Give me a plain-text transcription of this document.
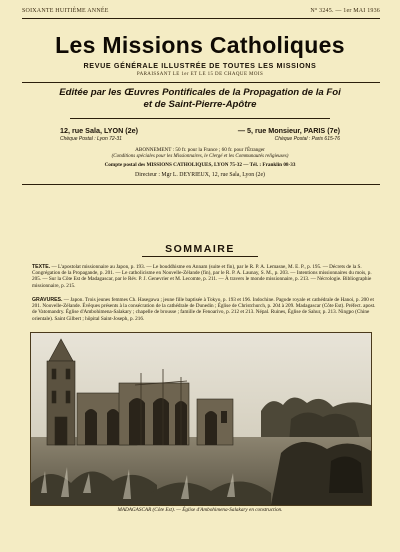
SOIXANTE HUITIÈME ANNÉE	N° 3245. — 1er MAI 1936
Les Missions Catholiques
REVUE GÉNÉRALE ILLUSTRÉE DE TOUTES LES MISSIONS
PARAISSANT LE 1er ET LE 15 DE CHAQUE MOIS
Editée par les Œuvres Pontificales de la Propagation de la Foi
et de Saint-Pierre-Apôtre
12, rue Sala, LYON (2e)	— 5, rue Monsieur, PARIS (7e)
Chèque Postal : Lyon 72-31	Chèque Postal : Paris 615-76
ABONNEMENT : 50 fr. pour la France ; 60 fr. pour l'Étranger
(Conditions spéciales pour les Missionnaires, le Clergé et les Communautés religieuses)
Compte postal des MISSIONS CATHOLIQUES, LYON 75-32 — Tél. : Franklin 08-33
Directeur : Mgr L. DEYRIEUX, 12, rue Sala, Lyon (2e)
SOMMAIRE
TEXTE. — L'apostolat missionnaire au Japon, p. 193. — Le bouddhisme en Annam (suite et fin), par le R. P. A. Lemasne, M. E. P., p. 195. — Décrets de la S. Congrégation de la Propagande, p. 201. — Le catholicisme en Nouvelle-Zélande (fin), par le R. P. A. Launay, S. M., p. 203. — Intentions missionnaires du mois, p. 205. — Sur la Côte Est de Madagascar, par le Rév. P. J. Genevrier et M. Lecomte, p. 211. — À travers le monde missionnaire, p. 213. — Nécrologie. Bibliographie missionnaire, p. 215.
GRAVURES. — Japon. Trois jeunes femmes Ch. Hasegawa ; jeune fille baptisée à Tokyo, p. 193 et 196. Indochine. Pagode royale et cathédrale de Hanoi, p. 200 et 201. Nouvelle-Zélande. Évêques présents à la consécration de la cathédrale de Dunedin ; Église de Christchurch, p. 204 à 209. Madagascar (Côte Est). Préfect. apost. de Vatomandry. Église d'Ambohimena-Salakary ; chapelle de brousse ; famille de Fenoarivo, p. 212 et 213. Népal. Ruines, Église de Sahur, p. 213. Ningpo (Chine orientale). Saint Gilbert ; hôpital Saint-Joseph, p. 216.
MADAGASCAR (Côte Est). — Église d'Ambohimena-Salakary en construction.
